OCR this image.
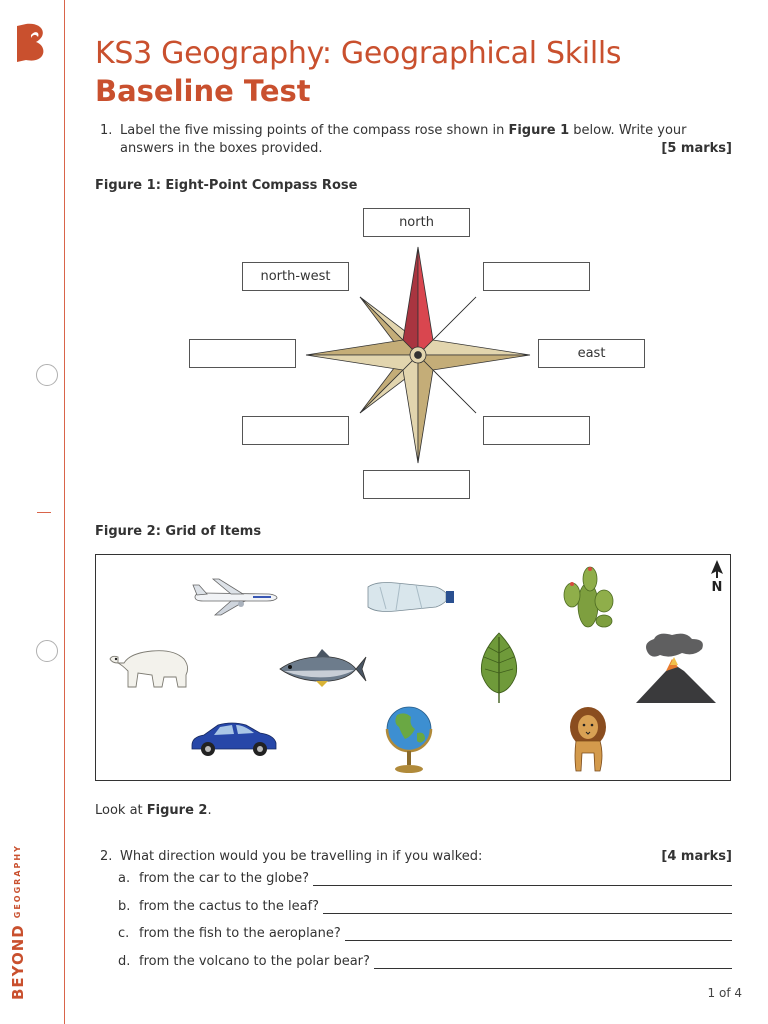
BEYONDGEOGRAPHY
KS3 Geography: Geographical Skills
Baseline Test
1. Label the five missing points of the compass rose shown in Figure 1 below. Write your answers in the boxes provided.	[5 marks]
Figure 1: Eight-Point Compass Rose
north
east
north-west
Figure 2: Grid of Items
N
Look at Figure 2.
2. What direction would you be travelling in if you walked:	[4 marks]
a. from the car to the globe?
b. from the cactus to the leaf?
c. from the fish to the aeroplane?
d. from the volcano to the polar bear?
1 of 4
